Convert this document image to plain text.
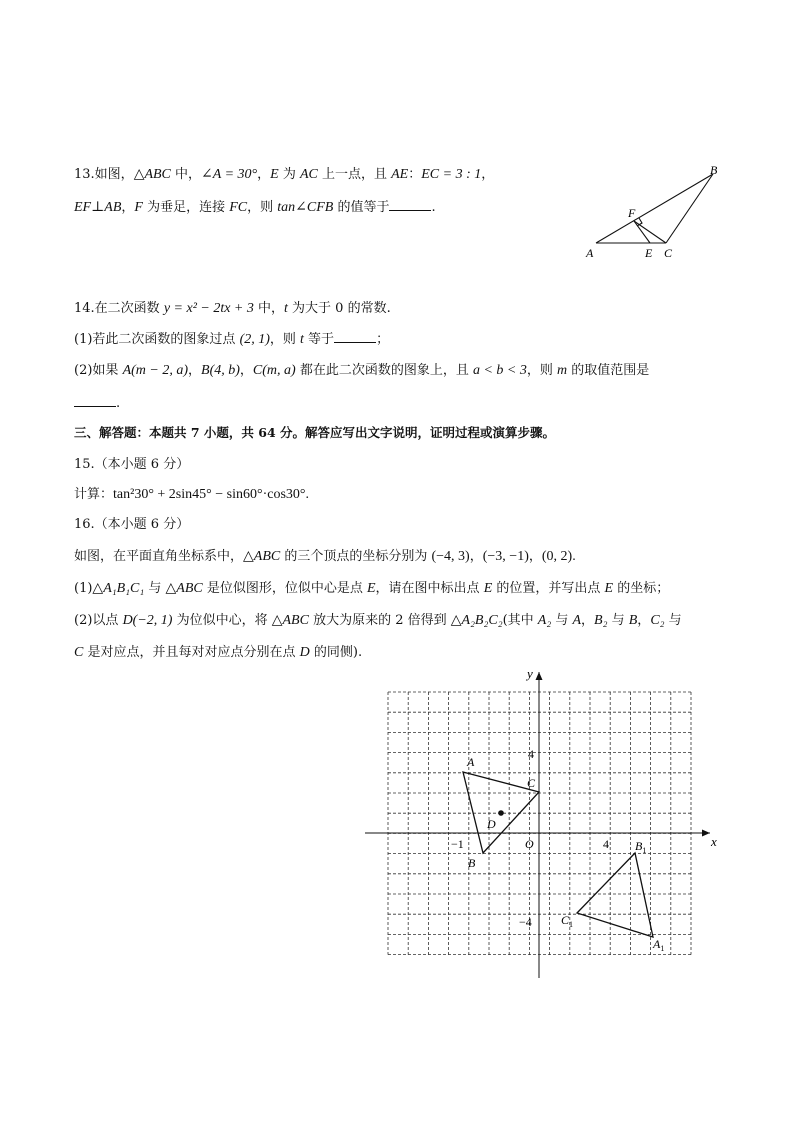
13.如图，△ABC 中，∠A = 30°，E 为 AC 上一点，且 AE：EC = 3 : 1，
EF⊥AB，F 为垂足，连接 FC，则 tan∠CFB 的值等于	.
A
B
C
E
F
14.在二次函数 y = x² − 2tx + 3 中，t 为大于 0 的常数.
(1)若此二次函数的图象过点 (2, 1)，则 t 等于	；
(2)如果 A(m − 2, a)，B(4, b)，C(m, a) 都在此二次函数的图象上，且 a < b < 3，则 m 的取值范围是
.
三、解答题：本题共 7 小题，共 64 分。解答应写出文字说明，证明过程或演算步骤。
15.（本小题 6 分）
计算：tan²30° + 2sin45° − sin60°·cos30°.
16.（本小题 6 分）
如图，在平面直角坐标系中，△ABC 的三个顶点的坐标分别为 (−4, 3)，(−3, −1)，(0, 2).
(1)△A₁B₁C₁ 与 △ABC 是位似图形，位似中心是点 E，请在图中标出点 E 的位置，并写出点 E 的坐标；
(2)以点 D(−2, 1) 为位似中心，将 △ABC 放大为原来的 2 倍得到 △A₂B₂C₂(其中 A₂ 与 A，B₂ 与 B，C₂ 与
C 是对应点，并且每对对应点分别在点 D 的同侧).
x
y
O	4
−1
4
−4
A
B
C
D
$B_1$
$C_1$
$A_1$
